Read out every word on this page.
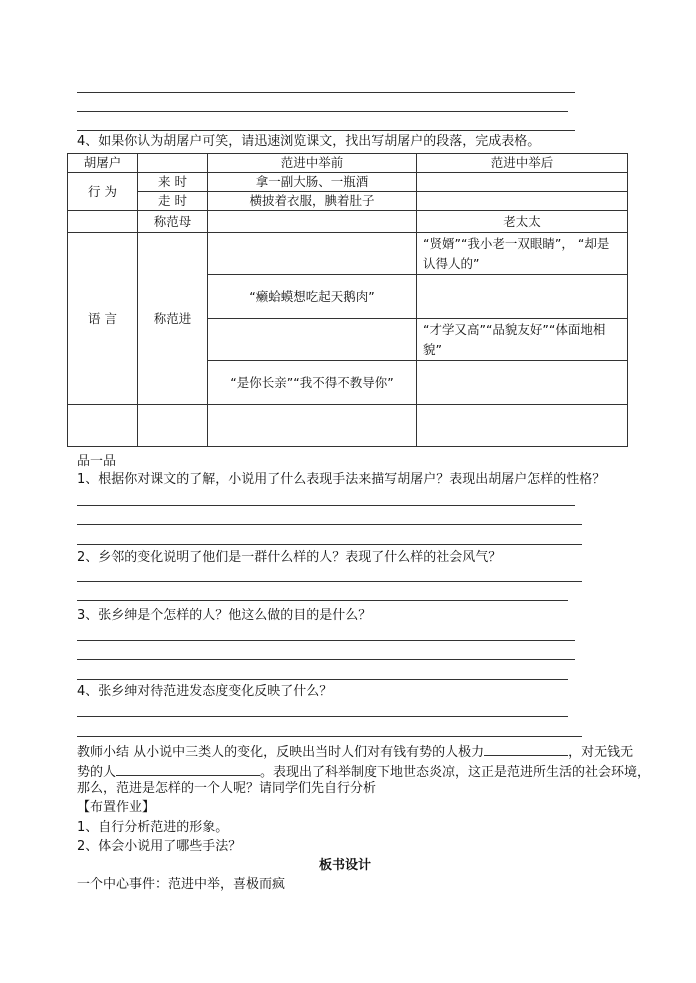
4、如果你认为胡屠户可笑，请迅速浏览课文，找出写胡屠户的段落，完成表格。
胡屠户		范进中举前	范进中举后
行 为	来 时	拿一副大肠、一瓶酒	
	走 时	横披着衣服，腆着肚子	
	称范母		老太太
语 言	称范进		“贤婿”“我小老一双眼睛”， “却是认得人的”
		“癞蛤蟆想吃起天鹅肉”	
			“才学又高”“品貌友好”“体面地相貌”
		“是你长亲”“我不得不教导你”	

品一品
1、根据你对课文的了解，小说用了什么表现手法来描写胡屠户？表现出胡屠户怎样的性格？
2、乡邻的变化说明了他们是一群什么样的人？表现了什么样的社会风气？
3、张乡绅是个怎样的人？他这么做的目的是什么？
4、张乡绅对待范进发态度变化反映了什么？
教师小结 从小说中三类人的变化，反映出当时人们对有钱有势的人极力	，对无钱无
势的人	。表现出了科举制度下地世态炎凉，这正是范进所生活的社会环境，
那么，范进是怎样的一个人呢？请同学们先自行分析
【布置作业】
1、自行分析范进的形象。
2、体会小说用了哪些手法？
板书设计
一个中心事件：范进中举，喜极而疯
